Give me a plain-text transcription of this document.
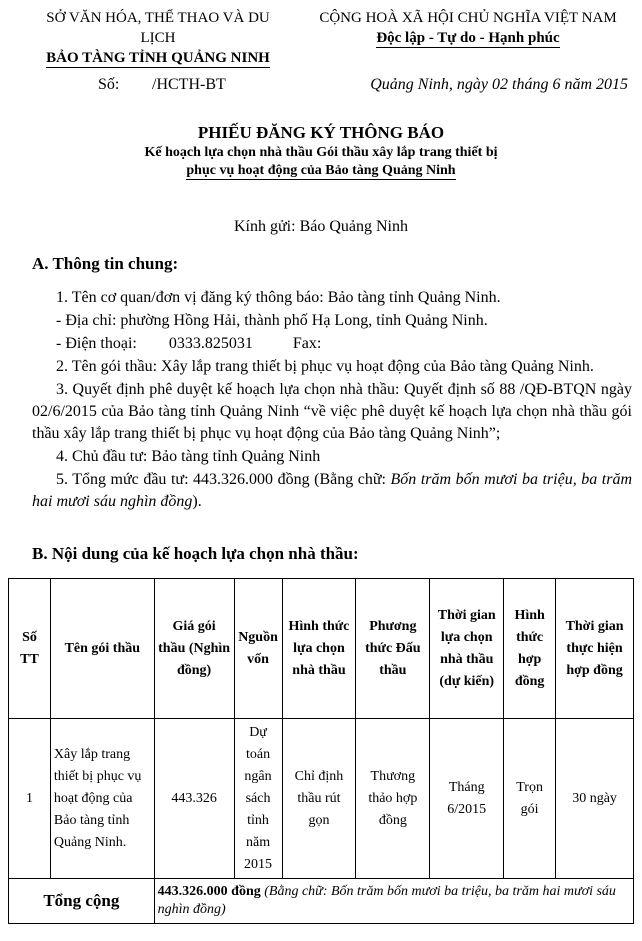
SỞ VĂN HÓA, THỂ THAO VÀ DU LỊCH
BẢO TÀNG TỈNH QUẢNG NINH
CỘNG HOÀ XÃ HỘI CHỦ NGHĨA VIỆT NAM
Độc lập - Tự do - Hạnh phúc
Số: /HCTH-BT	Quảng Ninh, ngày 02 tháng 6 năm 2015
PHIẾU ĐĂNG KÝ THÔNG BÁO
Kế hoạch lựa chọn nhà thầu Gói thầu xây lắp trang thiết bị
phục vụ hoạt động của Bảo tàng Quảng Ninh
Kính gửi: Báo Quảng Ninh
A. Thông tin chung:
1. Tên cơ quan/đơn vị đăng ký thông báo: Bảo tàng tỉnh Quảng Ninh.
- Địa chỉ: phường Hồng Hải, thành phố Hạ Long, tỉnh Quảng Ninh.
- Điện thoại:        0333.825031          Fax:
2. Tên gói thầu: Xây lắp trang thiết bị phục vụ hoạt động của Bảo tàng Quảng Ninh.
3. Quyết định phê duyệt kế hoạch lựa chọn nhà thầu: Quyết định số 88 /QĐ-BTQN ngày 02/6/2015 của Bảo tàng tỉnh Quảng Ninh “về việc phê duyệt kế hoạch lựa chọn nhà thầu gói thầu xây lắp trang thiết bị phục vụ hoạt động của Bảo tàng Quảng Ninh”;
4. Chủ đầu tư: Bảo tàng tỉnh Quảng Ninh
5. Tổng mức đầu tư: 443.326.000 đồng (Bằng chữ: Bốn trăm bốn mươi ba triệu, ba trăm hai mươi sáu nghìn đồng).
B. Nội dung của kế hoạch lựa chọn nhà thầu:
Số TT	Tên gói thầu	Giá gói thầu (Nghìn đồng)	Nguồn vốn	Hình thức lựa chọn nhà thầu	Phương thức Đấu thầu	Thời gian lựa chọn nhà thầu (dự kiến)	Hình thức hợp đồng	Thời gian thực hiện hợp đồng
1	Xây lắp trang thiết bị phục vụ hoạt động của Bảo tàng tỉnh Quảng Ninh.	443.326	Dự toán ngân sách tỉnh năm 2015	Chỉ định thầu rút gọn	Thương thảo hợp đồng	Tháng 6/2015	Trọn gói	30 ngày
Tổng cộng		443.326.000 đồng (Bằng chữ: Bốn trăm bốn mươi ba triệu, ba trăm hai mươi sáu nghìn đồng)						
